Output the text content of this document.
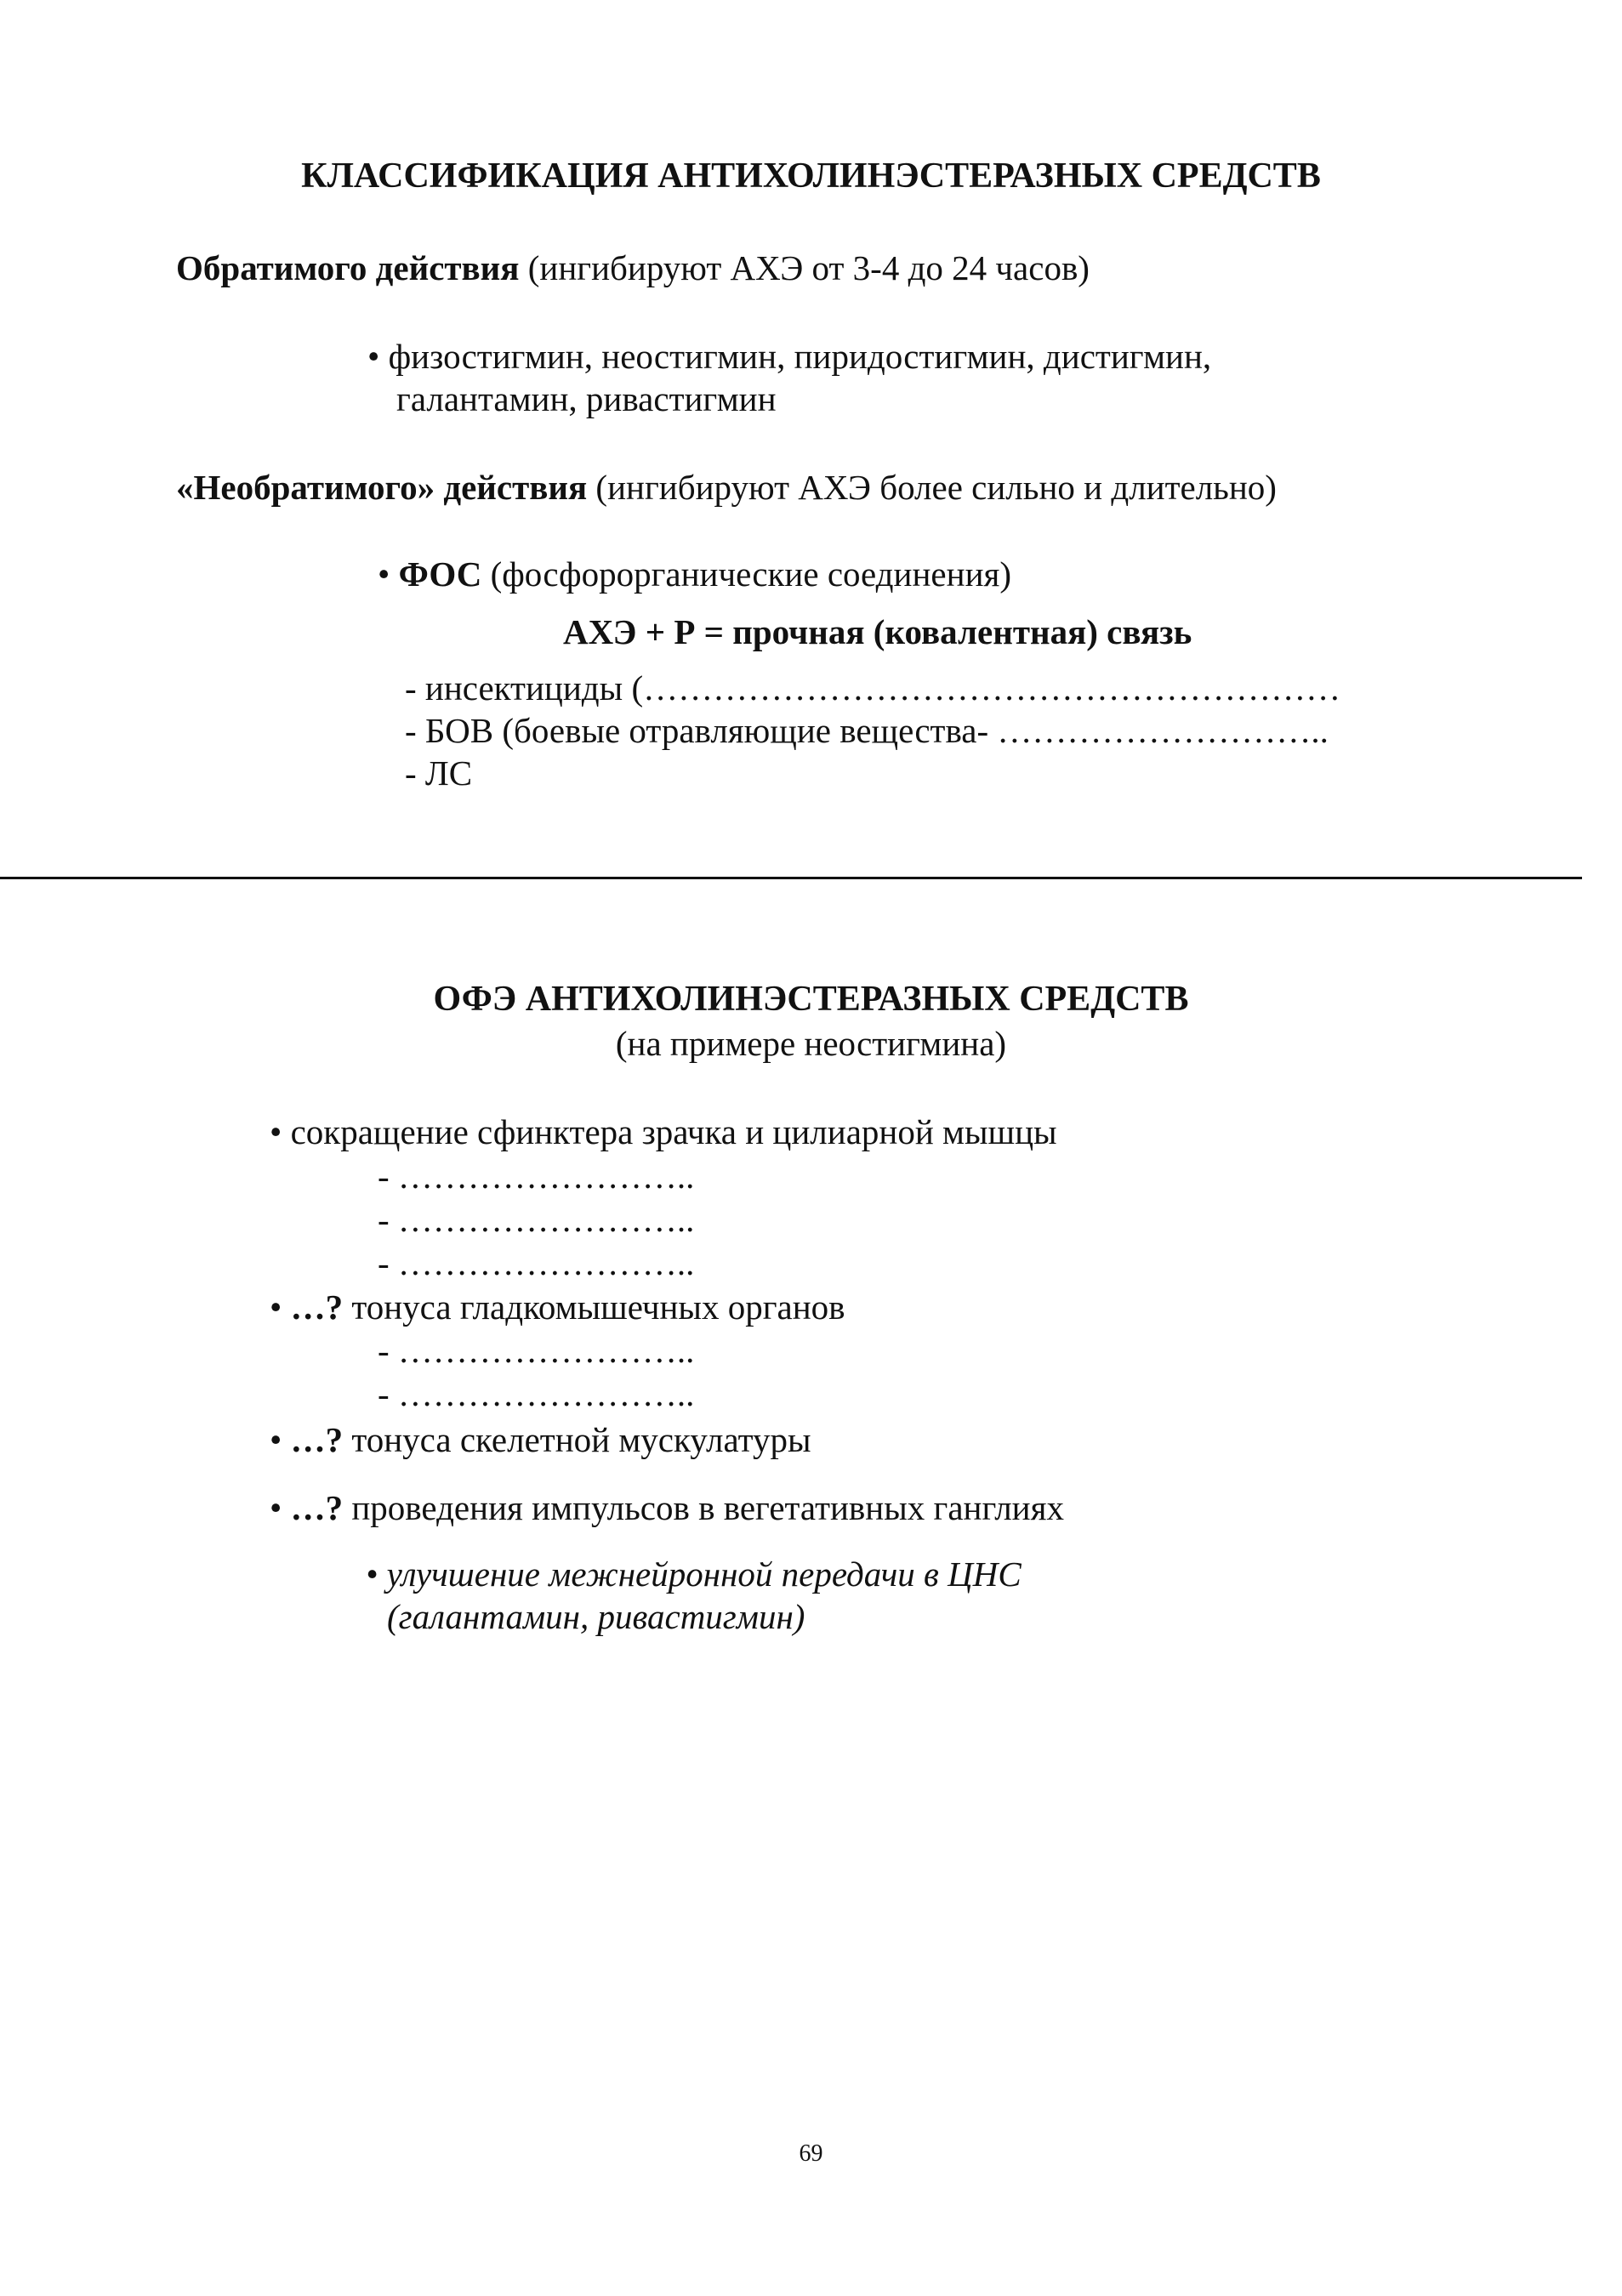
КЛАССИФИКАЦИЯ АНТИХОЛИНЭСТЕРАЗНЫХ СРЕДСТВ
Обратимого действия (ингибируют АХЭ от 3-4 до 24 часов)
• физостигмин, неостигмин, пиридостигмин, дистигмин,
галантамин, ривастигмин
«Необратимого» действия (ингибируют АХЭ более сильно и длительно)
• ФОС (фосфорорганические соединения)
АХЭ + Р = прочная (ковалентная) связь
- инсектициды (……………………………………………………
- БОВ (боевые отравляющие вещества- ………………………..
- ЛС
ОФЭ АНТИХОЛИНЭСТЕРАЗНЫХ СРЕДСТВ
(на примере неостигмина)
• сокращение сфинктера зрачка и цилиарной мышцы
- ……………………..
- ……………………..
- ……………………..
• …? тонуса гладкомышечных органов
- ……………………..
- ……………………..
• …? тонуса скелетной мускулатуры
• …? проведения импульсов в вегетативных ганглиях
• улучшение межнейронной передачи в ЦНС
(галантамин, ривастигмин)
69
